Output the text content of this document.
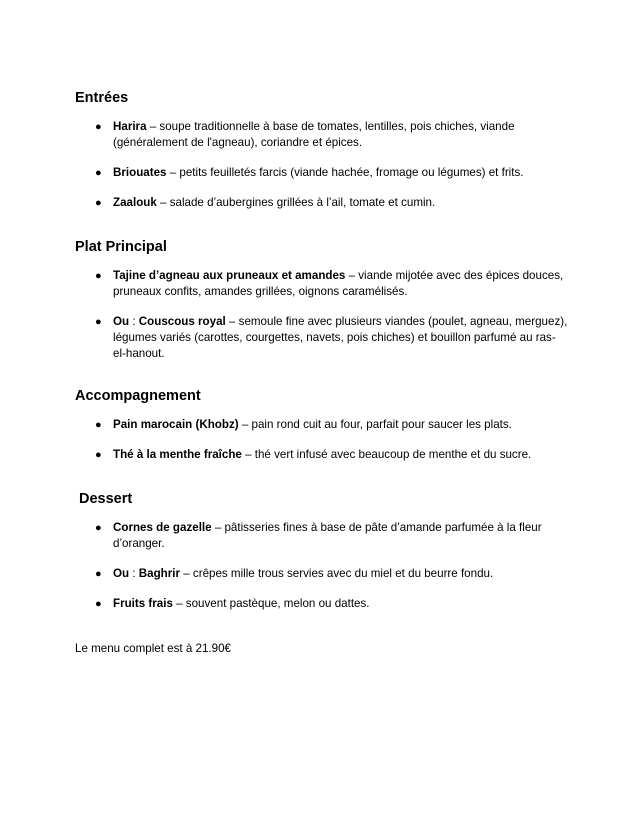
Entrées
● Harira – soupe traditionnelle à base de tomates, lentilles, pois chiches, viande (généralement de l'agneau), coriandre et épices.
● Briouates – petits feuilletés farcis (viande hachée, fromage ou légumes) et frits.
● Zaalouk – salade d’aubergines grillées à l’ail, tomate et cumin.
Plat Principal
● Tajine d’agneau aux pruneaux et amandes – viande mijotée avec des épices douces, pruneaux confits, amandes grillées, oignons caramélisés.
● Ou : Couscous royal – semoule fine avec plusieurs viandes (poulet, agneau, merguez), légumes variés (carottes, courgettes, navets, pois chiches) et bouillon parfumé au ras-el-hanout.
Accompagnement
● Pain marocain (Khobz) – pain rond cuit au four, parfait pour saucer les plats.
● Thé à la menthe fraîche – thé vert infusé avec beaucoup de menthe et du sucre.
Dessert
● Cornes de gazelle – pâtisseries fines à base de pâte d’amande parfumée à la fleur d’oranger.
● Ou : Baghrir – crêpes mille trous servies avec du miel et du beurre fondu.
● Fruits frais – souvent pastèque, melon ou dattes.
Le menu complet est à 21.90€
